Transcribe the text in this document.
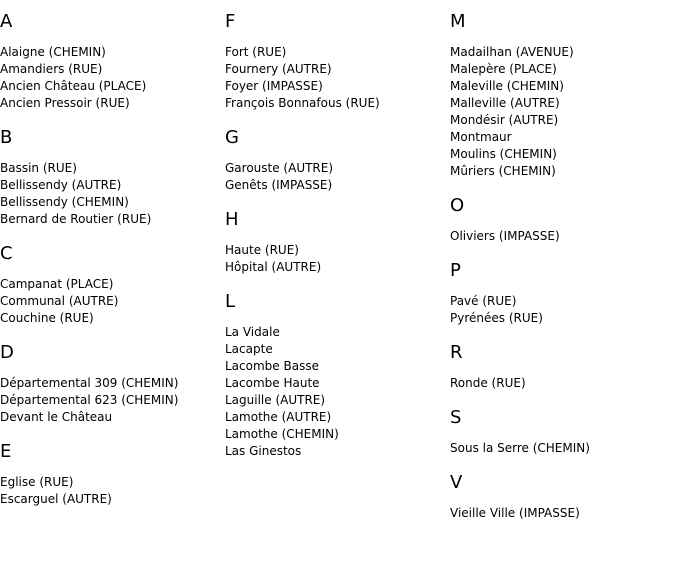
A
Alaigne (CHEMIN)
Amandiers (RUE)
Ancien Château (PLACE)
Ancien Pressoir (RUE)
B
Bassin (RUE)
Bellissendy (AUTRE)
Bellissendy (CHEMIN)
Bernard de Routier (RUE)
C
Campanat (PLACE)
Communal (AUTRE)
Couchine (RUE)
D
Départemental 309 (CHEMIN)
Départemental 623 (CHEMIN)
Devant le Château
E
Eglise (RUE)
Escarguel (AUTRE)
F
Fort (RUE)
Fournery (AUTRE)
Foyer (IMPASSE)
François Bonnafous (RUE)
G
Garouste (AUTRE)
Genêts (IMPASSE)
H
Haute (RUE)
Hôpital (AUTRE)
L
La Vidale
Lacapte
Lacombe Basse
Lacombe Haute
Laguille (AUTRE)
Lamothe (AUTRE)
Lamothe (CHEMIN)
Las Ginestos
M
Madailhan (AVENUE)
Malepère (PLACE)
Maleville (CHEMIN)
Malleville (AUTRE)
Mondésir (AUTRE)
Montmaur
Moulins (CHEMIN)
Mûriers (CHEMIN)
O
Oliviers (IMPASSE)
P
Pavé (RUE)
Pyrénées (RUE)
R
Ronde (RUE)
S
Sous la Serre (CHEMIN)
V
Vieille Ville (IMPASSE)
